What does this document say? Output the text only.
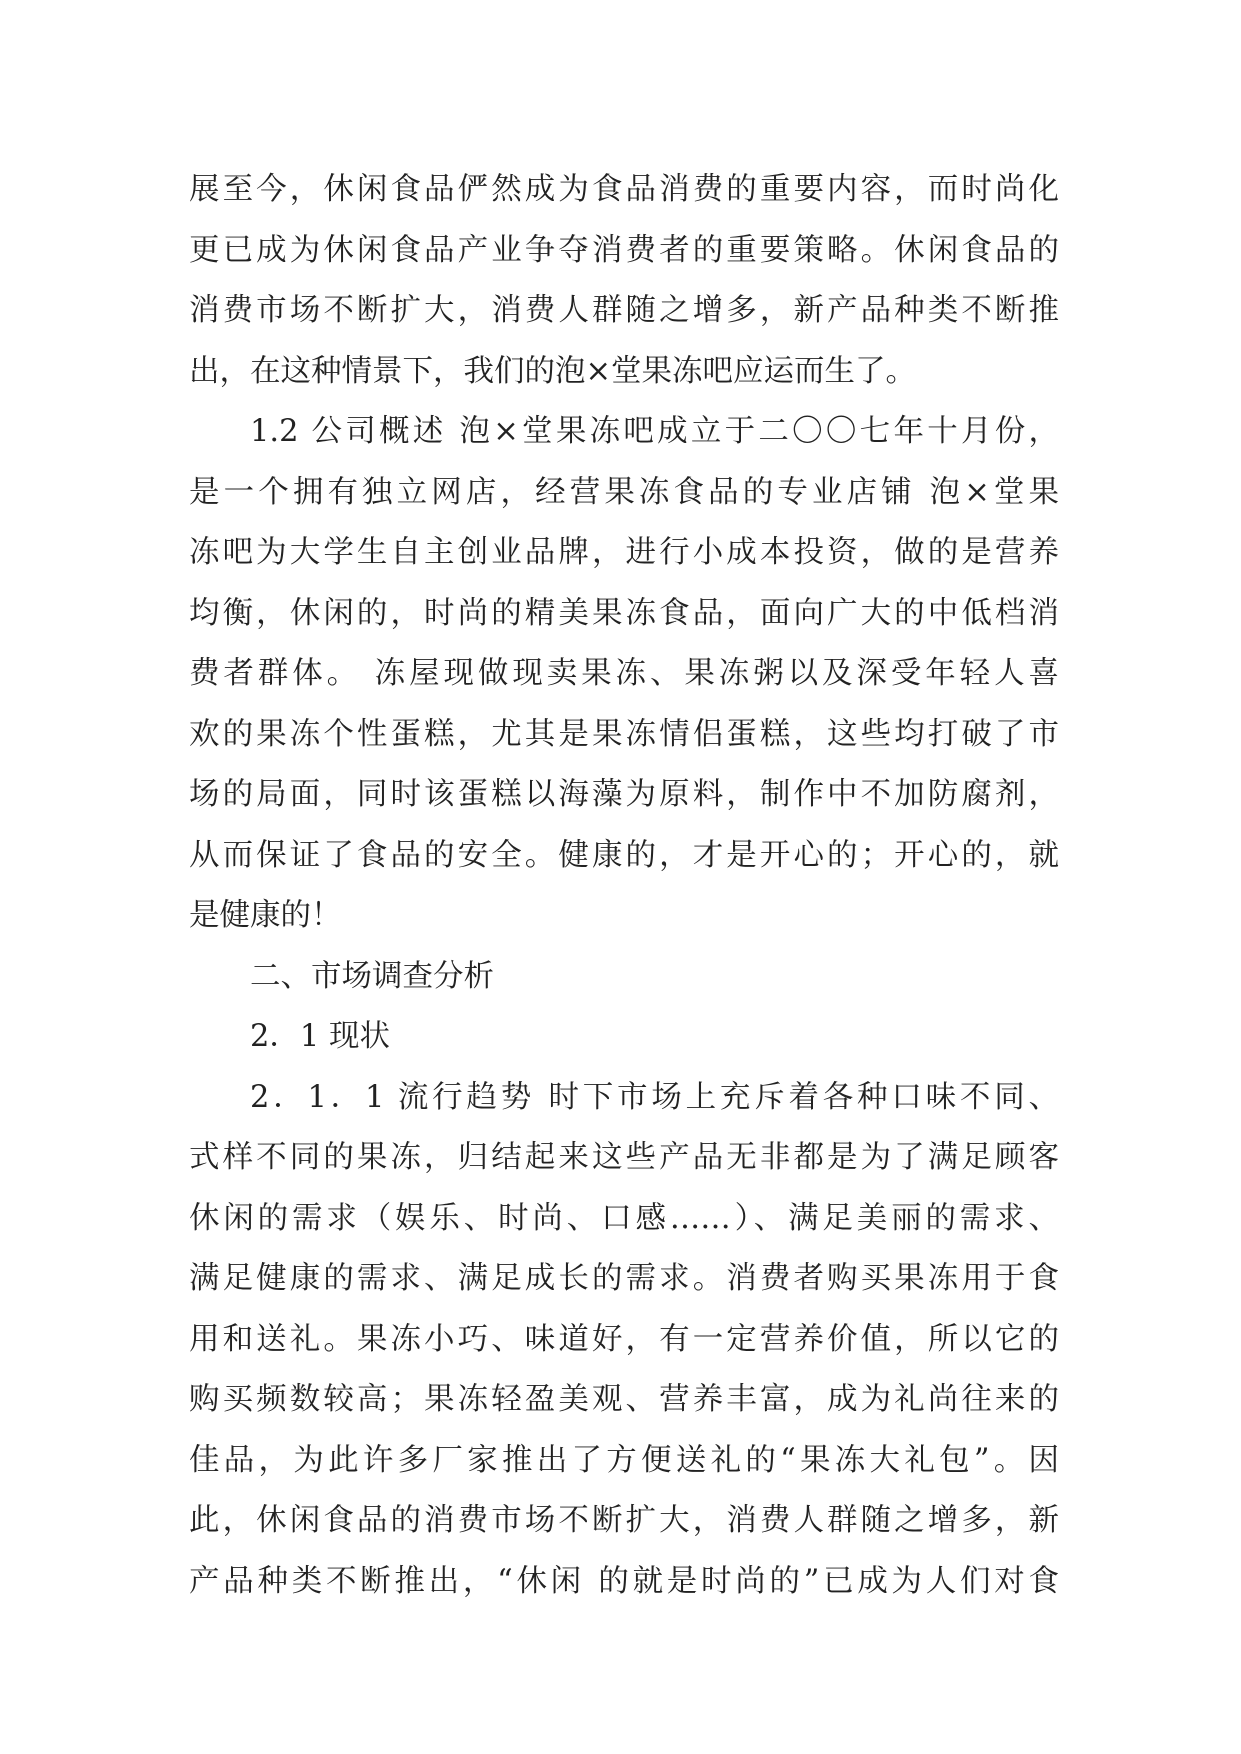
展至今，休闲食品俨然成为食品消费的重要内容，而时尚化
更已成为休闲食品产业争夺消费者的重要策略。休闲食品的
消费市场不断扩大，消费人群随之增多，新产品种类不断推
出，在这种情景下，我们的泡×堂果冻吧应运而生了。
1.2 公司概述 泡×堂果冻吧成立于二〇〇七年十月份，
是一个拥有独立网店，经营果冻食品的专业店铺 泡×堂果
冻吧为大学生自主创业品牌，进行小成本投资，做的是营养
均衡，休闲的，时尚的精美果冻食品，面向广大的中低档消
费者群体。 冻屋现做现卖果冻、果冻粥以及深受年轻人喜
欢的果冻个性蛋糕，尤其是果冻情侣蛋糕，这些均打破了市
场的局面，同时该蛋糕以海藻为原料，制作中不加防腐剂，
从而保证了食品的安全。健康的，才是开心的；开心的，就
是健康的！
二、市场调查分析
2．1 现状
2．1．1 流行趋势 时下市场上充斥着各种口味不同、
式样不同的果冻，归结起来这些产品无非都是为了满足顾客
休闲的需求（娱乐、时尚、口感……）、满足美丽的需求、
满足健康的需求、满足成长的需求。消费者购买果冻用于食
用和送礼。果冻小巧、味道好，有一定营养价值，所以它的
购买频数较高；果冻轻盈美观、营养丰富，成为礼尚往来的
佳品，为此许多厂家推出了方便送礼的“果冻大礼包”。因
此，休闲食品的消费市场不断扩大，消费人群随之增多，新
产品种类不断推出，“休闲 的就是时尚的”已成为人们对食
